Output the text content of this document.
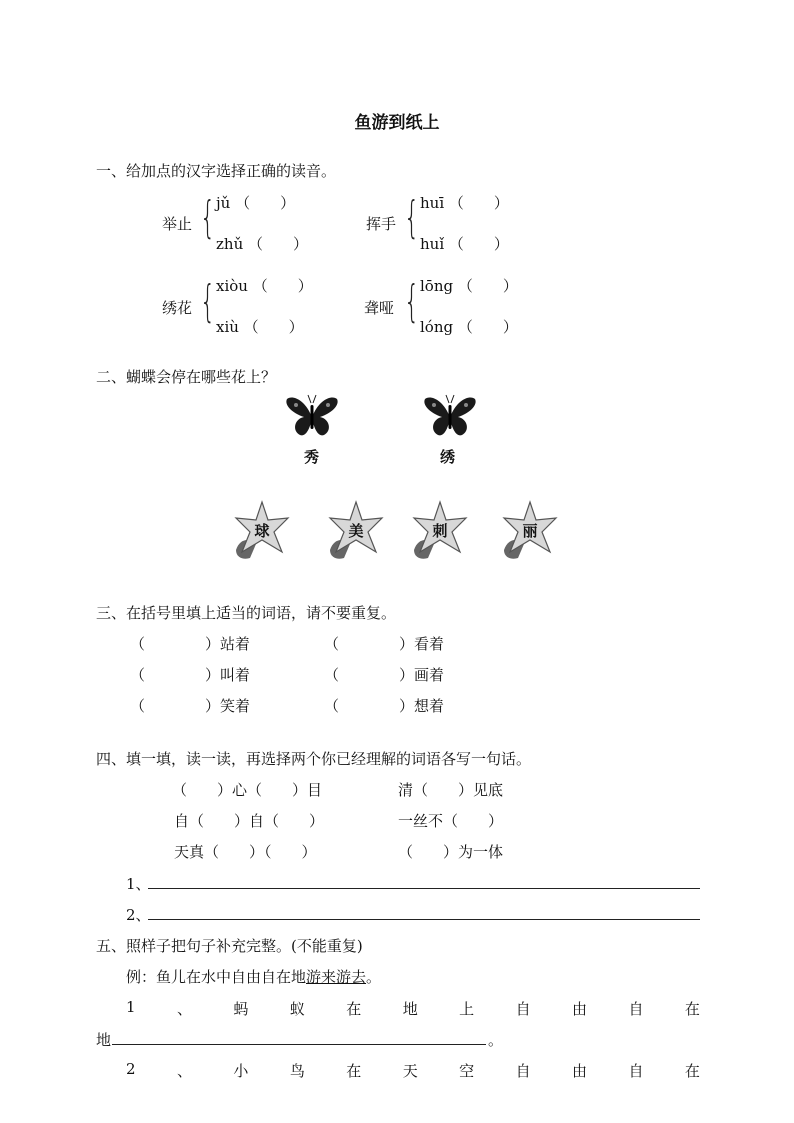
鱼游到纸上
一、给加点的汉字选择正确的读音。
举止 { jǔ （　　）
zhǔ （　　）
挥手 { huī （　　）
huǐ （　　）
绣花 { xiòu （　　）
xiù （　　）
聋哑 { lōng （　　）
lóng （　　）
二、蝴蝶会停在哪些花上？
秀	绣
球	美	刺	丽
三、在括号里填上适当的词语，请不要重复。
（　　　　）站着	（　　　　）看着
（　　　　）叫着	（　　　　）画着
（　　　　）笑着	（　　　　）想着
四、填一填，读一读，再选择两个你已经理解的词语各写一句话。
（　　）心（　　）目	清（　　）见底
自（　　）自（　　）	一丝不（　　）
天真（　　）（　　）	（　　）为一体
1、
2、
五、照样子把句子补充完整。(不能重复)
例：鱼儿在水中自由自在地游来游去。
1	、	蚂	蚁	在	地	上	自	由	自	在
地	。
2	、	小	鸟	在	天	空	自	由	自	在
